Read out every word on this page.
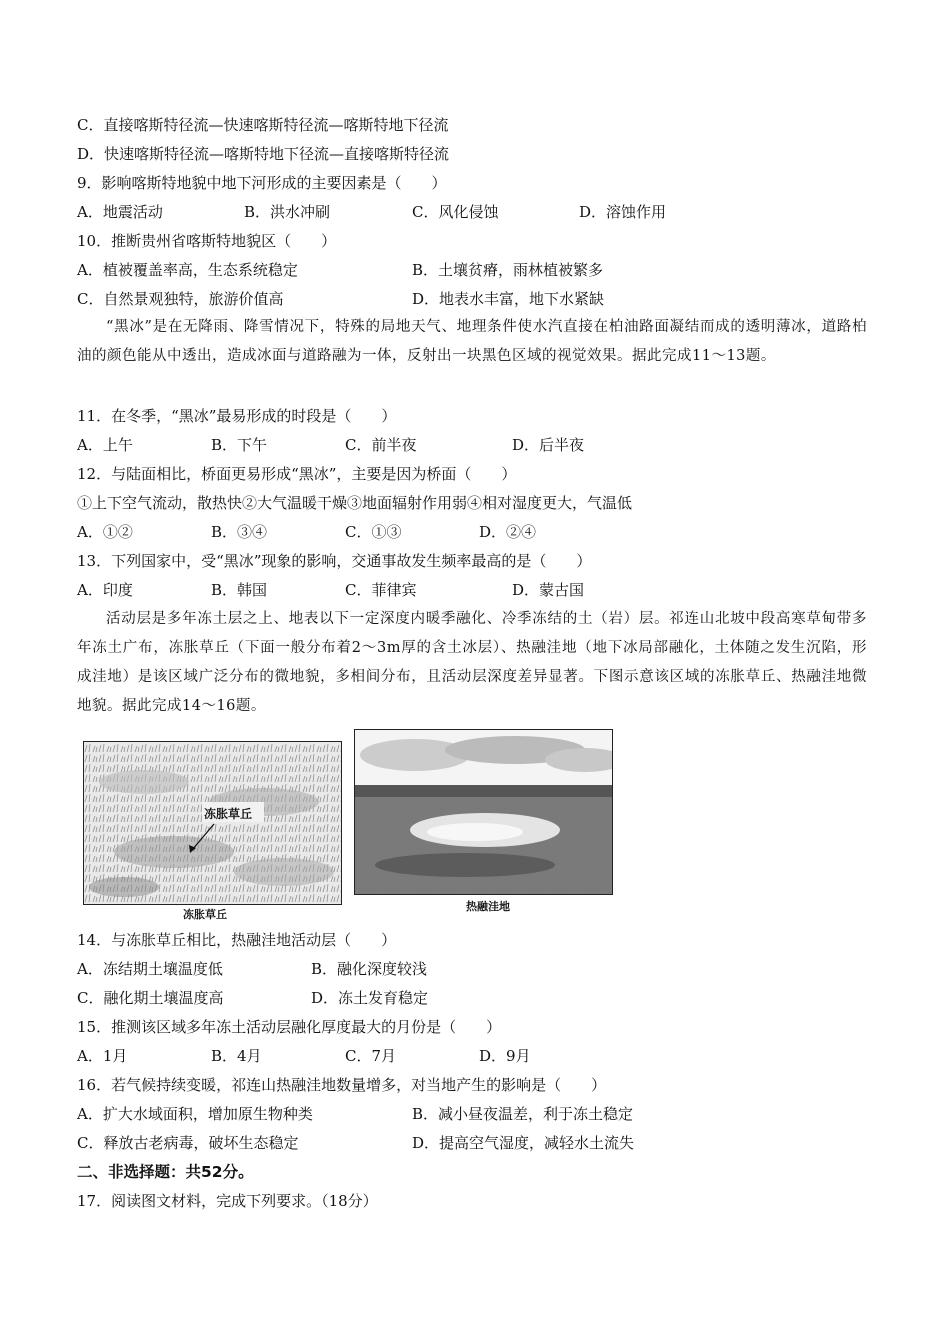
C．直接喀斯特径流—快速喀斯特径流—喀斯特地下径流
D．快速喀斯特径流—喀斯特地下径流—直接喀斯特径流
9．影响喀斯特地貌中地下河形成的主要因素是（　　）
A．地震活动	B．洪水冲刷	C．风化侵蚀	D．溶蚀作用
10．推断贵州省喀斯特地貌区（　　）
A．植被覆盖率高，生态系统稳定	B．土壤贫瘠，雨林植被繁多
C．自然景观独特，旅游价值高	D．地表水丰富，地下水紧缺
“黑冰”是在无降雨、降雪情况下，特殊的局地天气、地理条件使水汽直接在柏油路面凝结而成的透明薄冰，道路柏油的颜色能从中透出，造成冰面与道路融为一体，反射出一块黑色区域的视觉效果。据此完成11～13题。
11．在冬季，“黑冰”最易形成的时段是（　　）
A．上午	B．下午	C．前半夜	D．后半夜
12．与陆面相比，桥面更易形成“黑冰”，主要是因为桥面（　　）
①上下空气流动，散热快②大气温暖干燥③地面辐射作用弱④相对湿度更大，气温低
A．①②	B．③④	C．①③	D．②④
13．下列国家中，受“黑冰”现象的影响，交通事故发生频率最高的是（　　）
A．印度	B．韩国	C．菲律宾	D．蒙古国
活动层是多年冻土层之上、地表以下一定深度内暖季融化、冷季冻结的土（岩）层。祁连山北坡中段高寒草甸带多年冻土广布，冻胀草丘（下面一般分布着2～3m厚的含土冰层）、热融洼地（地下冰局部融化，土体随之发生沉陷，形成洼地）是该区域广泛分布的微地貌，多相间分布，且活动层深度差异显著。下图示意该区域的冻胀草丘、热融洼地微地貌。据此完成14～16题。
冻胀草丘
冻胀草丘
热融洼地
14．与冻胀草丘相比，热融洼地活动层（　　）
A．冻结期土壤温度低	B．融化深度较浅
C．融化期土壤温度高	D．冻土发育稳定
15．推测该区域多年冻土活动层融化厚度最大的月份是（　　）
A．1月	B．4月	C．7月	D．9月
16．若气候持续变暖，祁连山热融洼地数量增多，对当地产生的影响是（　　）
A．扩大水域面积，增加原生物种类	B．减小昼夜温差，利于冻土稳定
C．释放古老病毒，破坏生态稳定	D．提高空气湿度，减轻水土流失
二、非选择题：共52分。
17．阅读图文材料，完成下列要求。（18分）
